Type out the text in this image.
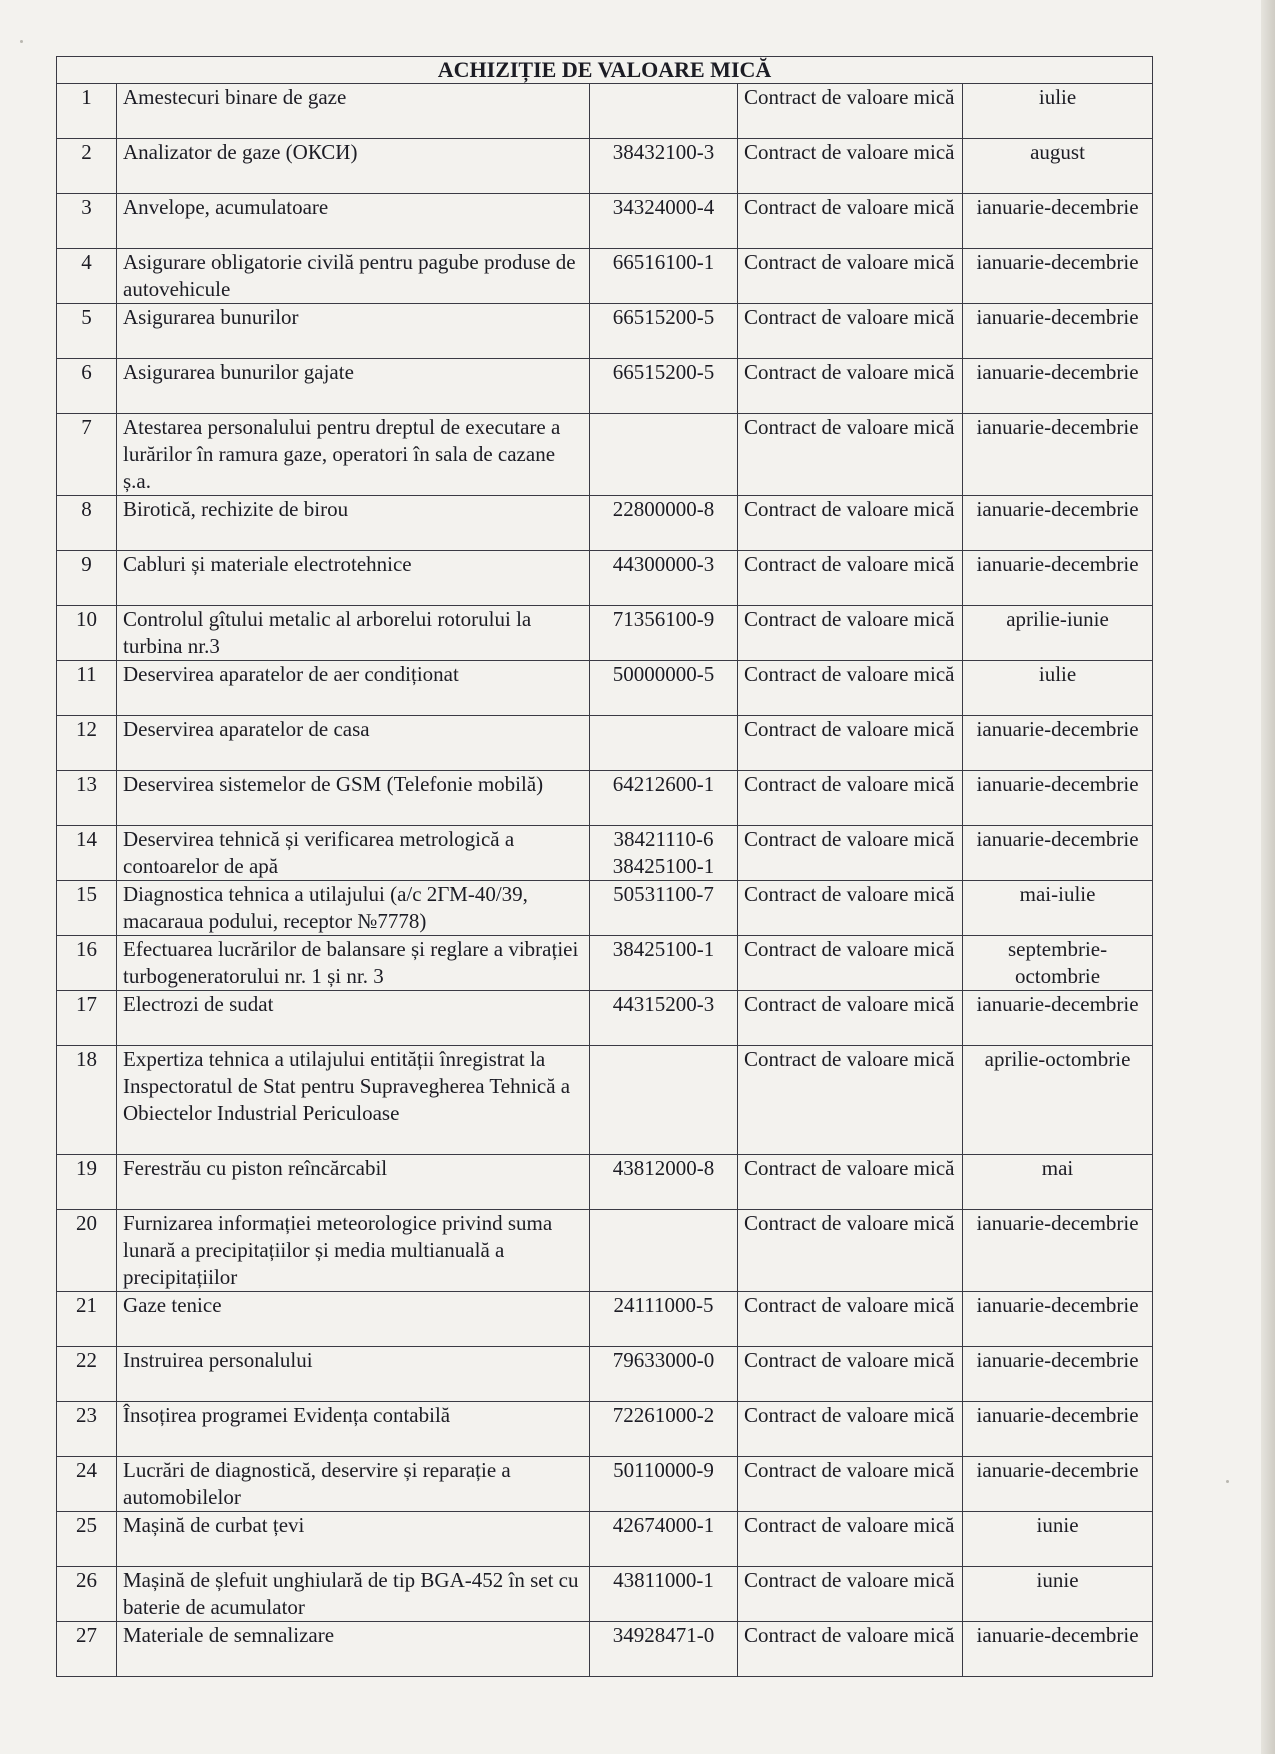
ACHIZIȚIE DE VALOARE MICĂ				
1	Amestecuri binare de gaze		Contract de valoare mică	iulie
2	Analizator de gaze (ОКСИ)	38432100-3	Contract de valoare mică	august
3	Anvelope, acumulatoare	34324000-4	Contract de valoare mică	ianuarie-decembrie
4	Asigurare obligatorie civilă pentru pagube produse de autovehicule	66516100-1	Contract de valoare mică	ianuarie-decembrie
5	Asigurarea bunurilor	66515200-5	Contract de valoare mică	ianuarie-decembrie
6	Asigurarea bunurilor gajate	66515200-5	Contract de valoare mică	ianuarie-decembrie
7	Atestarea personalului pentru dreptul de executare a lurărilor în ramura gaze, operatori în sala de cazane ș.a.		Contract de valoare mică	ianuarie-decembrie
8	Birotică, rechizite de birou	22800000-8	Contract de valoare mică	ianuarie-decembrie
9	Cabluri și materiale electrotehnice	44300000-3	Contract de valoare mică	ianuarie-decembrie
10	Controlul gîtului metalic al arborelui rotorului la turbina nr.3	71356100-9	Contract de valoare mică	aprilie-iunie
11	Deservirea aparatelor de aer condiționat	50000000-5	Contract de valoare mică	iulie
12	Deservirea aparatelor de casa		Contract de valoare mică	ianuarie-decembrie
13	Deservirea sistemelor de GSM (Telefonie mobilă)	64212600-1	Contract de valoare mică	ianuarie-decembrie
14	Deservirea tehnică și verificarea metrologică a contoarelor de apă	38421110-6 38425100-1	Contract de valoare mică	ianuarie-decembrie
15	Diagnostica tehnica a utilajului (a/c 2ГМ-40/39, macaraua podului, receptor №7778)	50531100-7	Contract de valoare mică	mai-iulie
16	Efectuarea lucrărilor de balansare și reglare a vibrației turbogeneratorului nr. 1 și nr. 3	38425100-1	Contract de valoare mică	septembrie-octombrie
17	Electrozi de sudat	44315200-3	Contract de valoare mică	ianuarie-decembrie
18	Expertiza tehnica a utilajului entității înregistrat la Inspectoratul de Stat pentru Supravegherea Tehnică a Obiectelor Industrial Periculoase		Contract de valoare mică	aprilie-octombrie
19	Ferestrău cu piston reîncărcabil	43812000-8	Contract de valoare mică	mai
20	Furnizarea informației meteorologice privind suma lunară a precipitațiilor și media multianuală a precipitațiilor		Contract de valoare mică	ianuarie-decembrie
21	Gaze tenice	24111000-5	Contract de valoare mică	ianuarie-decembrie
22	Instruirea personalului	79633000-0	Contract de valoare mică	ianuarie-decembrie
23	Însoțirea programei Evidența contabilă	72261000-2	Contract de valoare mică	ianuarie-decembrie
24	Lucrări de diagnostică, deservire și reparație a automobilelor	50110000-9	Contract de valoare mică	ianuarie-decembrie
25	Mașină de curbat țevi	42674000-1	Contract de valoare mică	iunie
26	Mașină de șlefuit unghiulară de tip BGA-452 în set cu baterie de acumulator	43811000-1	Contract de valoare mică	iunie
27	Materiale de semnalizare	34928471-0	Contract de valoare mică	ianuarie-decembrie
